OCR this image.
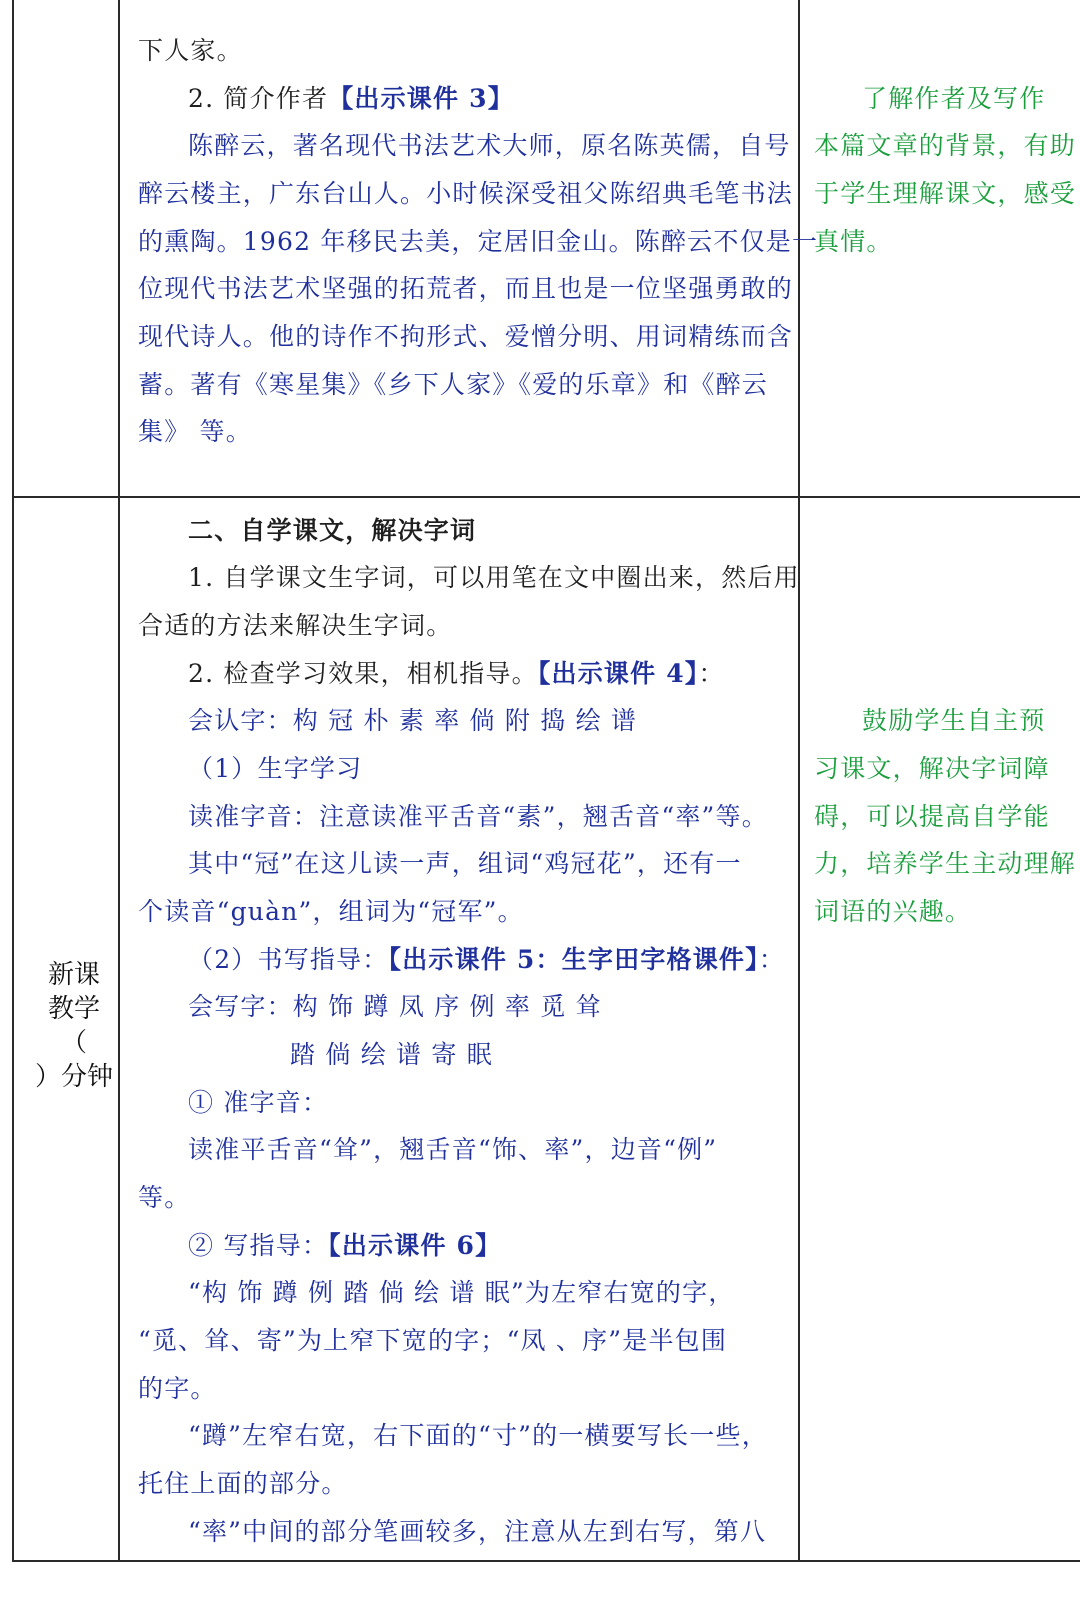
下人家。
2. 简介作者【出示课件 3】
陈醉云，著名现代书法艺术大师，原名陈英儒，自号
醉云楼主，广东台山人。小时候深受祖父陈绍典毛笔书法
的熏陶。1962 年移民去美，定居旧金山。陈醉云不仅是一
位现代书法艺术坚强的拓荒者，而且也是一位坚强勇敢的
现代诗人。他的诗作不拘形式、爱憎分明、用词精练而含
蓄。著有《寒星集》《乡下人家》《爱的乐章》和《醉云
集》 等。
了解作者及写作
本篇文章的背景，有助
于学生理解课文，感受
真情。
新课
教学
（
）分钟
二、自学课文，解决字词
1. 自学课文生字词，可以用笔在文中圈出来，然后用
合适的方法来解决生字词。
2. 检查学习效果，相机指导。【出示课件 4】：
会认字：构 冠 朴 素 率 倘 附 捣 绘 谱
（1）生字学习
读准字音：注意读准平舌音“素”，翘舌音“率”等。
其中“冠”在这儿读一声，组词“鸡冠花”，还有一
个读音“guàn”，组词为“冠军”。
（2）书写指导：【出示课件 5：生字田字格课件】：
会写字：构 饰 蹲 凤 序 例 率 觅 耸
踏 倘 绘 谱 寄 眠
① 准字音：
读准平舌音“耸”，翘舌音“饰、率”，边音“例”
等。
② 写指导：【出示课件 6】
“构 饰 蹲 例 踏 倘 绘 谱 眠”为左窄右宽的字，
“觅、耸、寄”为上窄下宽的字；“凤 、序”是半包围
的字。
“蹲”左窄右宽，右下面的“寸”的一横要写长一些，
托住上面的部分。
“率”中间的部分笔画较多，注意从左到右写，第八
鼓励学生自主预
习课文，解决字词障
碍，可以提高自学能
力，培养学生主动理解
词语的兴趣。
